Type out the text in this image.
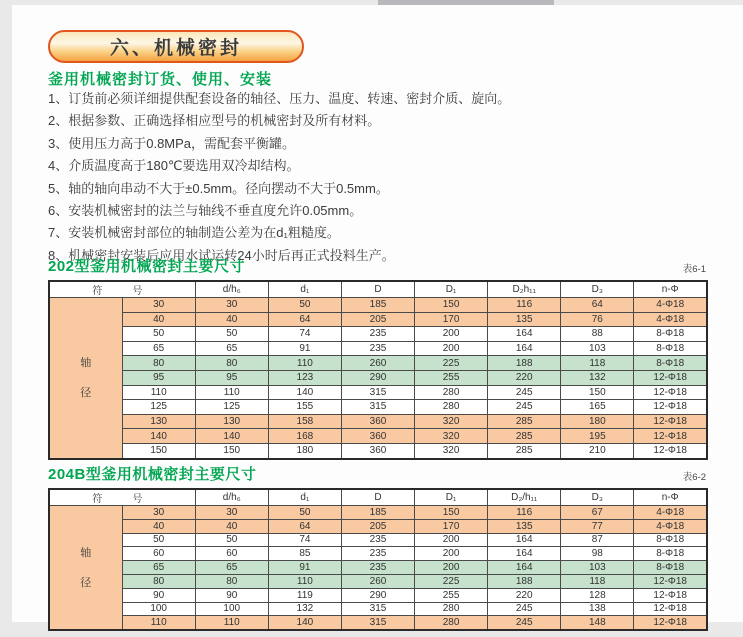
六、机械密封
釜用机械密封订货、使用、安装
1、订货前必须详细提供配套设备的轴径、压力、温度、转速、密封介质、旋向。
2、根据参数、正确选择相应型号的机械密封及所有材料。
3、使用压力高于0.8MPa，需配套平衡罐。
4、介质温度高于180℃要选用双冷却结构。
5、轴的轴向串动不大于±0.5mm。径向摆动不大于0.5mm。
6、安装机械密封的法兰与轴线不垂直度允许0.05mm。
7、安装机械密封部位的轴制造公差为在d₁粗糙度。
8、机械密封安装后应用水试运转24小时后再正式投料生产。
202型釜用机械密封主要尺寸	表6-1
符　号		d/h₆	d₁	D	D₁	D₂h₁₁	D₃	n-Φ

轴
径	30	30	50	185	150	116	64	4-Φ18
	40	40	64	205	170	135	76	4-Φ18
	50	50	74	235	200	164	88	8-Φ18
	65	65	91	235	200	164	103	8-Φ18
	80	80	110	260	225	188	118	8-Φ18
	95	95	123	290	255	220	132	12-Φ18
	110	110	140	315	280	245	150	12-Φ18
	125	125	155	315	280	245	165	12-Φ18
	130	130	158	360	320	285	180	12-Φ18
	140	140	168	360	320	285	195	12-Φ18
	150	150	180	360	320	285	210	12-Φ18
204B型釜用机械密封主要尺寸	表6-2
符　号		d/h₆	d₁	D	D₁	D₂/h₁₁	D₃	n-Φ

轴
径	30	30	50	185	150	116	67	4-Φ18
	40	40	64	205	170	135	77	4-Φ18
	50	50	74	235	200	164	87	8-Φ18
	60	60	85	235	200	164	98	8-Φ18
	65	65	91	235	200	164	103	8-Φ18
	80	80	110	260	225	188	118	12-Φ18
	90	90	119	290	255	220	128	12-Φ18
	100	100	132	315	280	245	138	12-Φ18
	110	110	140	315	280	245	148	12-Φ18
